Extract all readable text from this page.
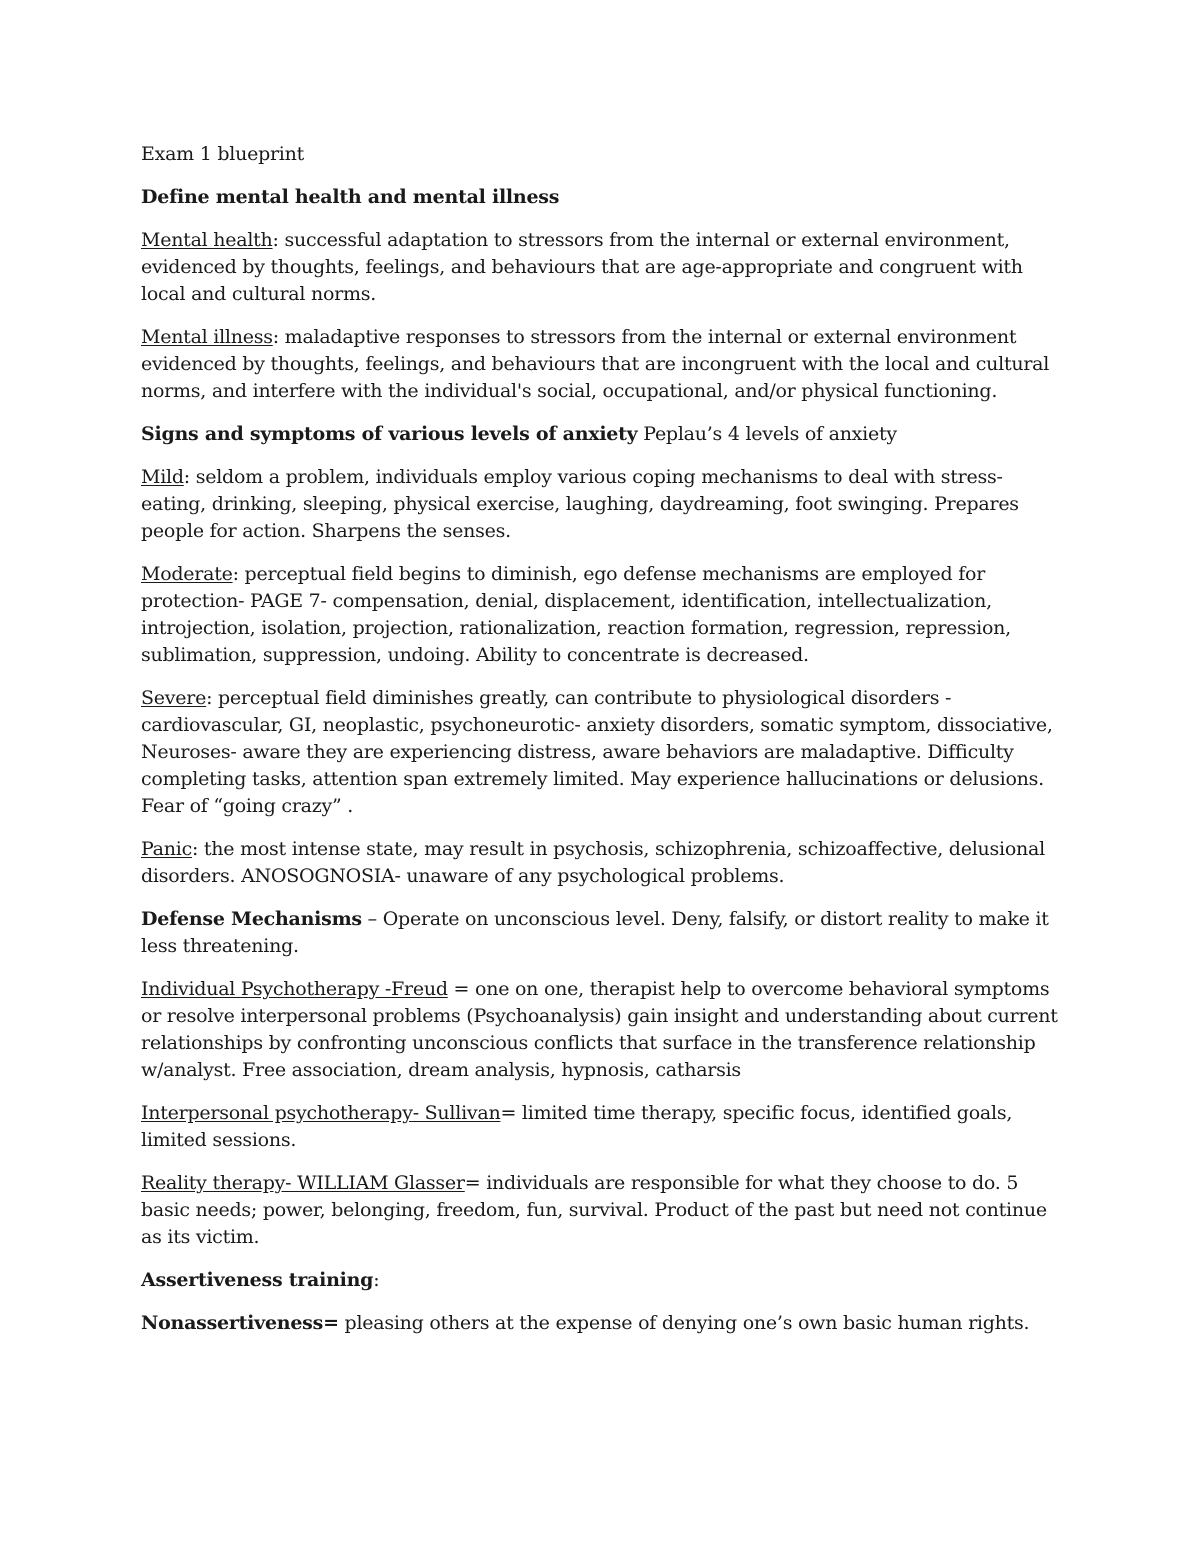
Exam 1 blueprint

Define mental health and mental illness

Mental health: successful adaptation to stressors from the internal or external environment, evidenced by thoughts, feelings, and behaviours that are age-appropriate and congruent with local and cultural norms.

Mental illness: maladaptive responses to stressors from the internal or external environment evidenced by thoughts, feelings, and behaviours that are incongruent with the local and cultural norms, and interfere with the individual's social, occupational, and/or physical functioning.

Signs and symptoms of various levels of anxiety Peplau’s 4 levels of anxiety

Mild: seldom a problem, individuals employ various coping mechanisms to deal with stress- eating, drinking, sleeping, physical exercise, laughing, daydreaming, foot swinging. Prepares people for action. Sharpens the senses.

Moderate: perceptual field begins to diminish, ego defense mechanisms are employed for protection- PAGE 7- compensation, denial, displacement, identification, intellectualization, introjection, isolation, projection, rationalization, reaction formation, regression, repression, sublimation, suppression, undoing. Ability to concentrate is decreased.

Severe: perceptual field diminishes greatly, can contribute to physiological disorders -cardiovascular, GI, neoplastic, psychoneurotic- anxiety disorders, somatic symptom, dissociative, Neuroses- aware they are experiencing distress, aware behaviors are maladaptive. Difficulty completing tasks, attention span extremely limited. May experience hallucinations or delusions. Fear of “going crazy” .

Panic: the most intense state, may result in psychosis, schizophrenia, schizoaffective, delusional disorders. ANOSOGNOSIA- unaware of any psychological problems.

Defense Mechanisms – Operate on unconscious level. Deny, falsify, or distort reality to make it less threatening.

Individual Psychotherapy -Freud = one on one, therapist help to overcome behavioral symptoms or resolve interpersonal problems (Psychoanalysis) gain insight and understanding about current relationships by confronting unconscious conflicts that surface in the transference relationship w/analyst. Free association, dream analysis, hypnosis, catharsis

Interpersonal psychotherapy- Sullivan= limited time therapy, specific focus, identified goals, limited sessions.

Reality therapy- WILLIAM Glasser= individuals are responsible for what they choose to do. 5 basic needs; power, belonging, freedom, fun, survival. Product of the past but need not continue as its victim.

Assertiveness training:

Nonassertiveness= pleasing others at the expense of denying one’s own basic human rights.
